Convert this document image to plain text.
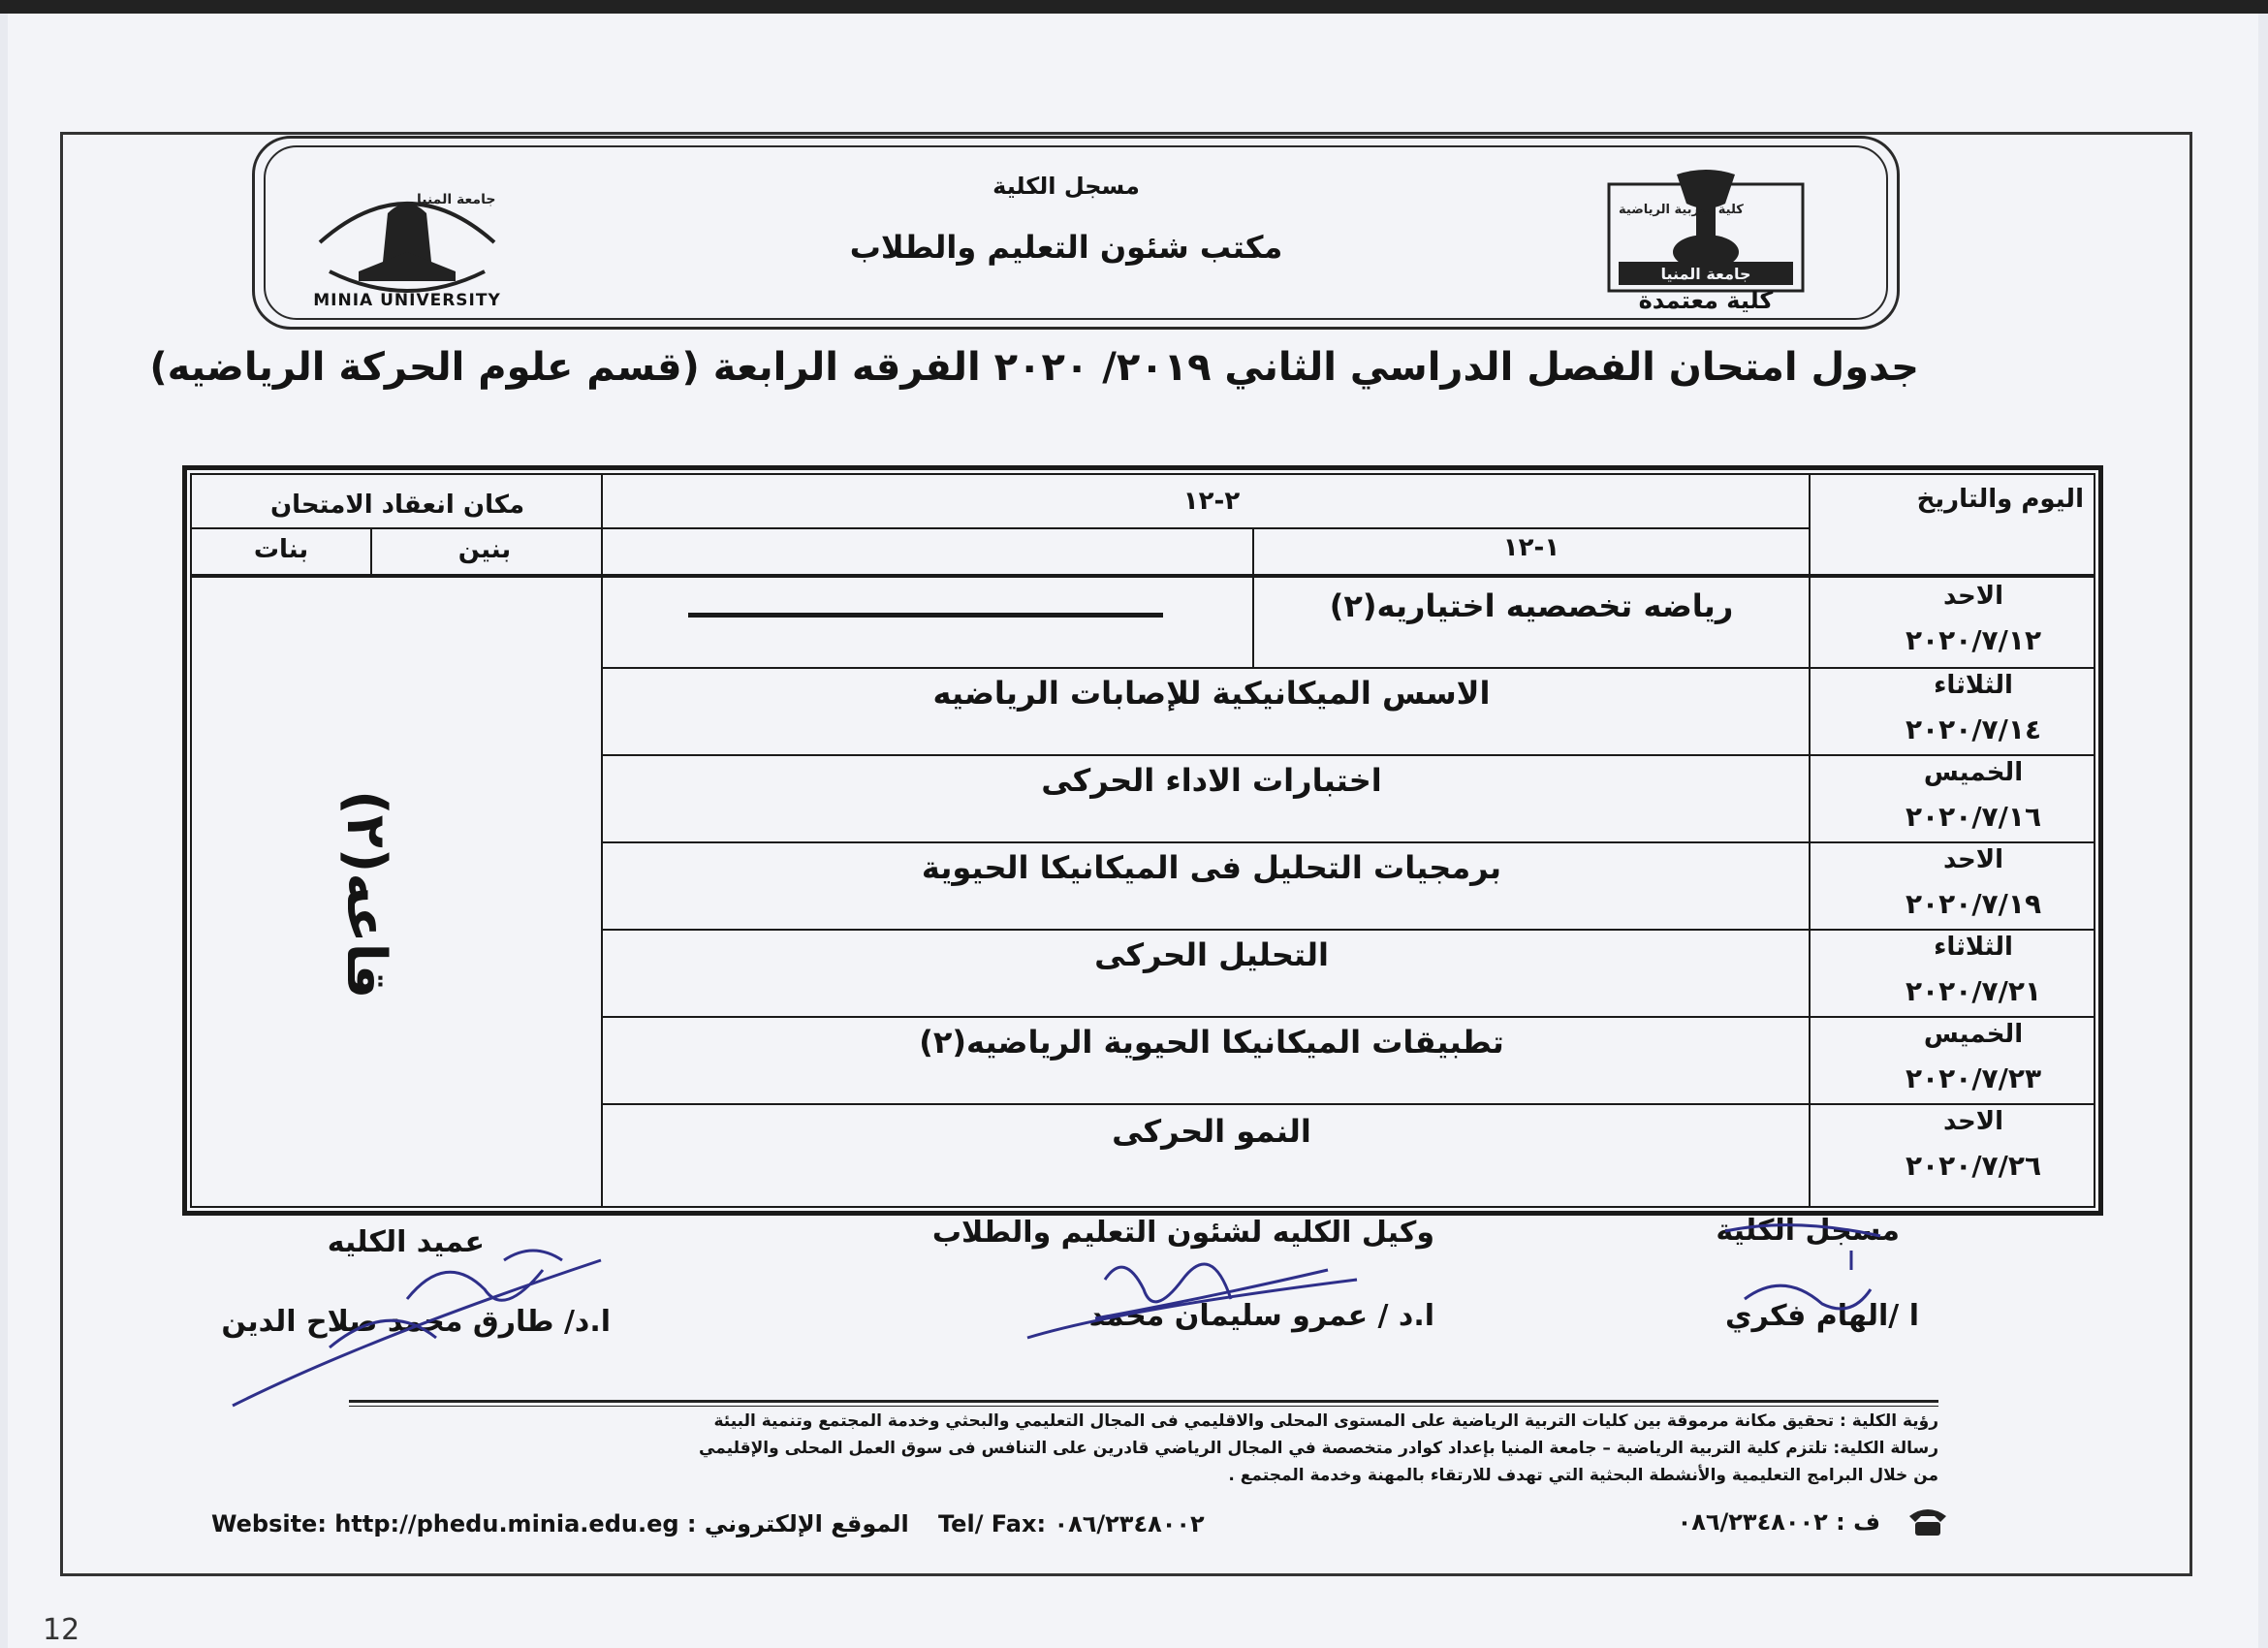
مسجل الكلية
مكتب شئون التعليم والطلاب
كلية التربية الرياضية
جامعة المنيا
كلية معتمدة
جامعة المنيا
MINIA UNIVERSITY
جدول امتحان الفصل الدراسي الثاني ٢٠١٩/ ٢٠٢٠ الفرقه الرابعة (قسم علوم الحركة الرياضيه)
اليوم والتاريخ
٢-١٢
١-١٢
مكان انعقاد الامتحان
بنين
بنات
قاعه(٢)
الاحد
٢٠٢٠/٧/١٢
رياضه تخصصيه اختياريه(٢)
الثلاثاء
٢٠٢٠/٧/١٤
الاسس الميكانيكية للإصابات الرياضيه
الخميس
٢٠٢٠/٧/١٦
اختبارات الاداء الحركى
الاحد
٢٠٢٠/٧/١٩
برمجيات التحليل فى الميكانيكا الحيوية
الثلاثاء
٢٠٢٠/٧/٢١
التحليل الحركى
الخميس
٢٠٢٠/٧/٢٣
تطبيقات الميكانيكا الحيوية الرياضيه(٢)
الاحد
٢٠٢٠/٧/٢٦
النمو الحركى
مسجل الكلية
ا /الهام فكري
وكيل الكليه لشئون التعليم والطلاب
ا.د / عمرو سليمان محمد
عميد الكليه
ا.د/ طارق محمد صلاح الدين
رؤية الكلية : تحقيق مكانة مرموقة بين كليات التربية الرياضية على المستوى المحلى والاقليمي فى المجال التعليمي والبحثي وخدمة المجتمع وتنمية البيئة
رسالة الكلية: تلتزم كلية التربية الرياضية – جامعة المنيا بإعداد كوادر متخصصة في المجال الرياضي قادرين على التنافس فى سوق العمل المحلى والإقليمي
من خلال البرامج التعليمية والأنشطة البحثية التي تهدف للارتقاء بالمهنة وخدمة المجتمع .
Website: http://phedu.minia.edu.eg : الموقع الإلكتروني Tel/ Fax: ٠٨٦/٢٣٤٨٠٠٢	ف : ٠٨٦/٢٣٤٨٠٠٢
12
